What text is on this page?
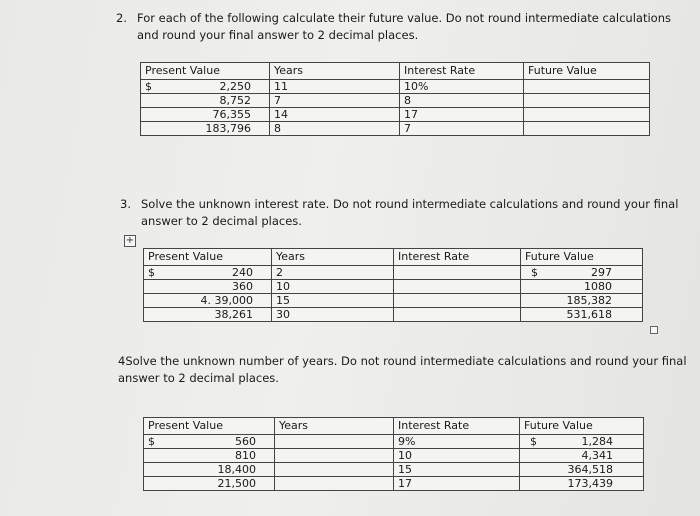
2. For each of the following calculate their future value. Do not round intermediate calculations
and round your final answer to 2 decimal places.
Present Value	Years	Interest Rate	Future Value

$ 2,250	11	10%	
8,752	7	8	
76,355	14	17	
183,796	8	7	
3. Solve the unknown interest rate. Do not round intermediate calculations and round your final
answer to 2 decimal places.
+
Present Value	Years	Interest Rate	Future Value

$ 240	2		$ 297
360	10		1080
4. 39,000	15		185,382
38,261	30		531,618
4Solve the unknown number of years. Do not round intermediate calculations and round your final
answer to 2 decimal places.
Present Value	Years	Interest Rate	Future Value

$ 560		9%	$ 1,284
810		10	4,341
18,400		15	364,518
21,500		17	173,439
